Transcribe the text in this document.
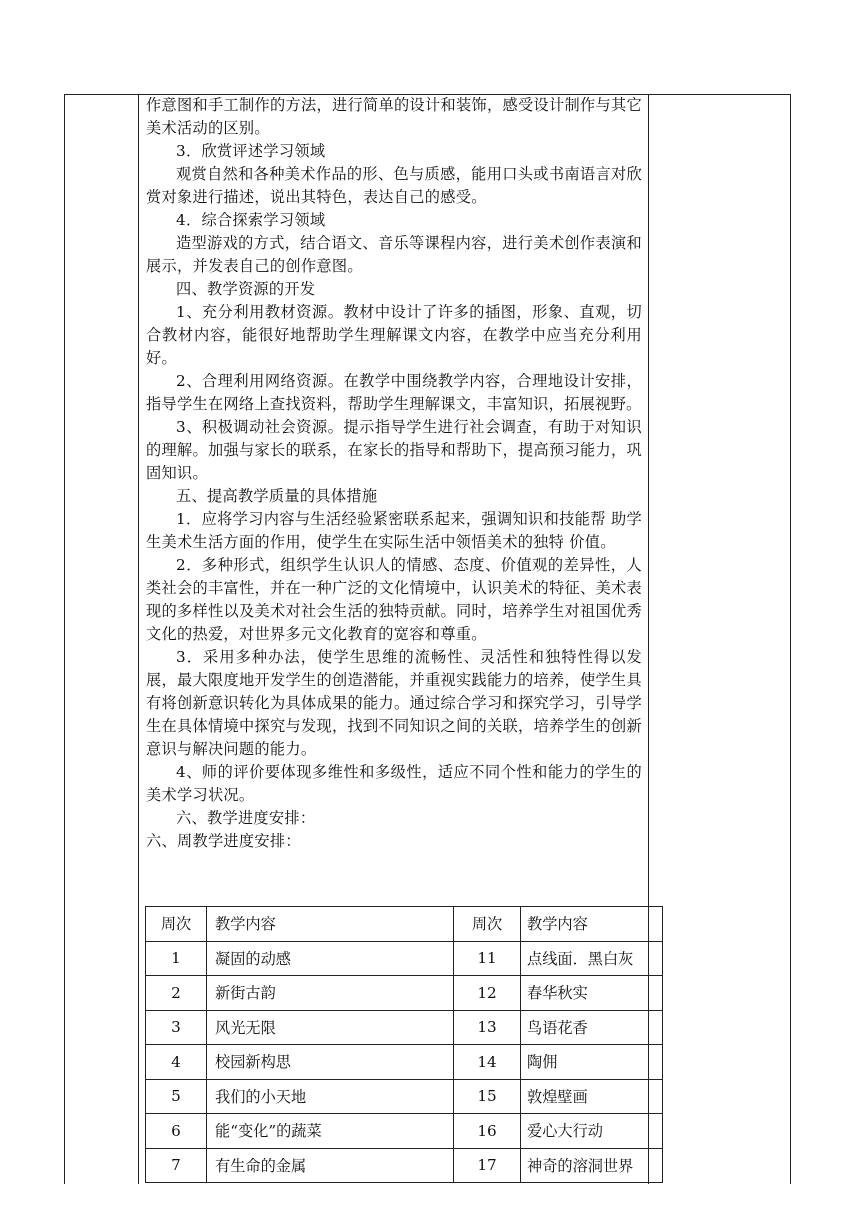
作意图和手工制作的方法，进行简单的设计和装饰，感受设计制作与其它美术活动的区别。

3．欣赏评述学习领域

观赏自然和各种美术作品的形、色与质感，能用口头或书南语言对欣赏对象进行描述，说出其特色，表达自己的感受。

4．综合探索学习领域

造型游戏的方式，结合语文、音乐等课程内容，进行美术创作表演和展示，并发表自己的创作意图。

四、教学资源的开发

1、充分利用教材资源。教材中设计了许多的插图，形象、直观，切合教材内容，能很好地帮助学生理解课文内容，在教学中应当充分利用好。

2、合理利用网络资源。在教学中围绕教学内容，合理地设计安排，指导学生在网络上查找资料，帮助学生理解课文，丰富知识，拓展视野。

3、积极调动社会资源。提示指导学生进行社会调查，有助于对知识的理解。加强与家长的联系，在家长的指导和帮助下，提高预习能力，巩固知识。

五、提高教学质量的具体措施

1．应将学习内容与生活经验紧密联系起来，强调知识和技能帮 助学生美术生活方面的作用，使学生在实际生活中领悟美术的独特 价值。

2．多种形式，组织学生认识人的情感、态度、价值观的差异性，人类社会的丰富性，并在一种广泛的文化情境中，认识美术的特征、美术表现的多样性以及美术对社会生活的独特贡献。同时，培养学生对祖国优秀文化的热爱，对世界多元文化教育的宽容和尊重。

3．采用多种办法，使学生思维的流畅性、灵活性和独特性得以发展，最大限度地开发学生的创造潜能，并重视实践能力的培养，使学生具有将创新意识转化为具体成果的能力。通过综合学习和探究学习，引导学生在具体情境中探究与发现，找到不同知识之间的关联，培养学生的创新意识与解决问题的能力。

4、师的评价要体现多维性和多级性，适应不同个性和能力的学生的美术学习状况。

六、教学进度安排：

六、周教学进度安排：

周次	教学内容	周次	教学内容
1	凝固的动感	11	点线面．黑白灰
2	新街古韵	12	春华秋实
3	风光无限	13	鸟语花香
4	校园新构思	14	陶佣
5	我们的小天地	15	敦煌壁画
6	能“变化”的蔬菜	16	爱心大行动
7	有生命的金属	17	神奇的溶洞世界
